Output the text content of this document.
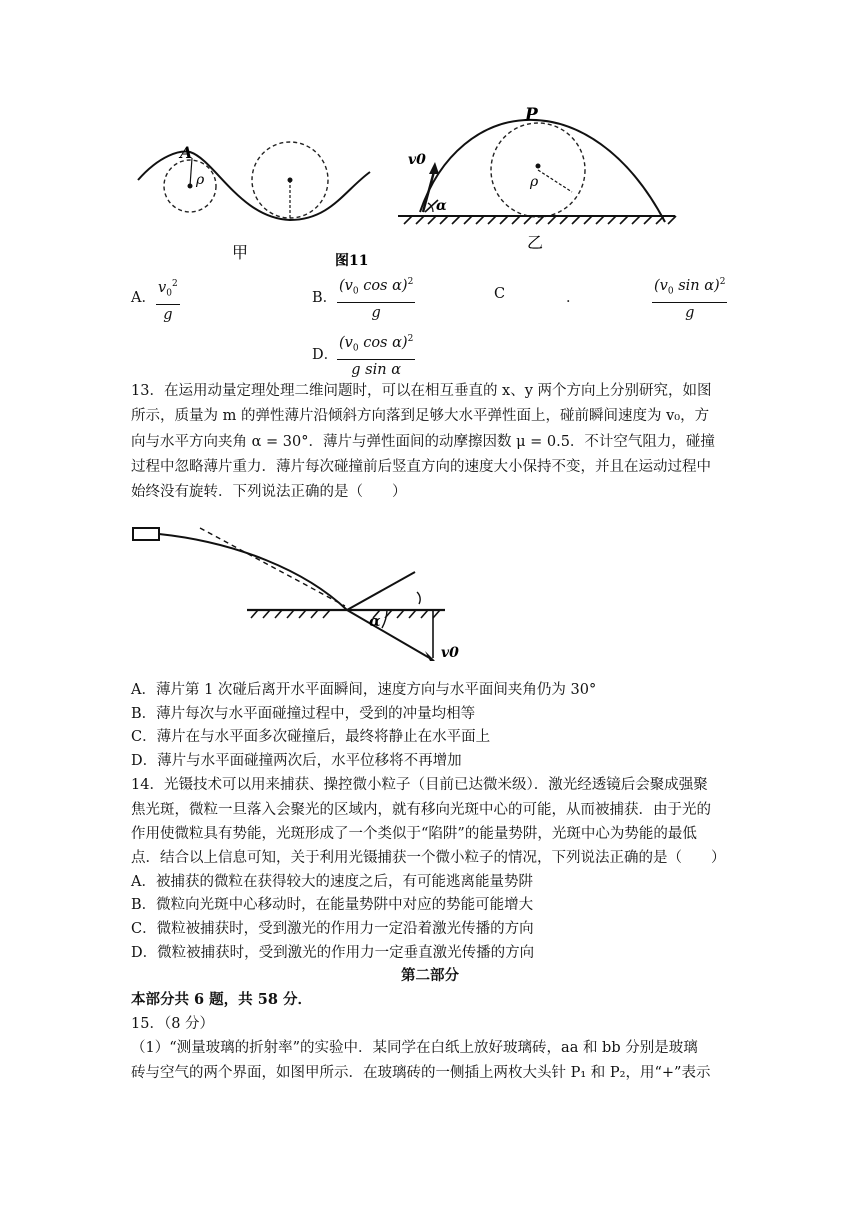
A
ρ
甲
P
v0
α
ρ
乙
图11
A． $\frac{v_0^2}{g}$	B． $\frac{(v_0 \cos \alpha)^2}{g}$	C	．	$\frac{(v_0 \sin \alpha)^2}{g}$
D．
$\frac{(v_0 \cos \alpha)^2}{\text{g sin α}}$
13．在运用动量定理处理二维问题时，可以在相互垂直的 x、y 两个方向上分别研究，如图
所示，质量为 m 的弹性薄片沿倾斜方向落到足够大水平弹性面上，碰前瞬间速度为 v₀，方
向与水平方向夹角 α = 30°．薄片与弹性面间的动摩擦因数 μ = 0.5．不计空气阻力，碰撞
过程中忽略薄片重力．薄片每次碰撞前后竖直方向的速度大小保持不变，并且在运动过程中
始终没有旋转．下列说法正确的是（　　）
α
v0
A．薄片第 1 次碰后离开水平面瞬间，速度方向与水平面间夹角仍为 30°
B．薄片每次与水平面碰撞过程中，受到的冲量均相等
C．薄片在与水平面多次碰撞后，最终将静止在水平面上
D．薄片与水平面碰撞两次后，水平位移将不再增加
14．光镊技术可以用来捕获、操控微小粒子（目前已达微米级）．激光经透镜后会聚成强聚
焦光斑，微粒一旦落入会聚光的区域内，就有移向光斑中心的可能，从而被捕获．由于光的
作用使微粒具有势能，光斑形成了一个类似于“陷阱”的能量势阱，光斑中心为势能的最低
点．结合以上信息可知，关于利用光镊捕获一个微小粒子的情况，下列说法正确的是（　　）
A．被捕获的微粒在获得较大的速度之后，有可能逃离能量势阱
B．微粒向光斑中心移动时，在能量势阱中对应的势能可能增大
C．微粒被捕获时，受到激光的作用力一定沿着激光传播的方向
D．微粒被捕获时，受到激光的作用力一定垂直激光传播的方向
第二部分
本部分共 6 题，共 58 分．
15．（8 分）
（1）“测量玻璃的折射率”的实验中．某同学在白纸上放好玻璃砖，aa 和 bb 分别是玻璃
砖与空气的两个界面，如图甲所示．在玻璃砖的一侧插上两枚大头针 P₁ 和 P₂，用“+”表示
